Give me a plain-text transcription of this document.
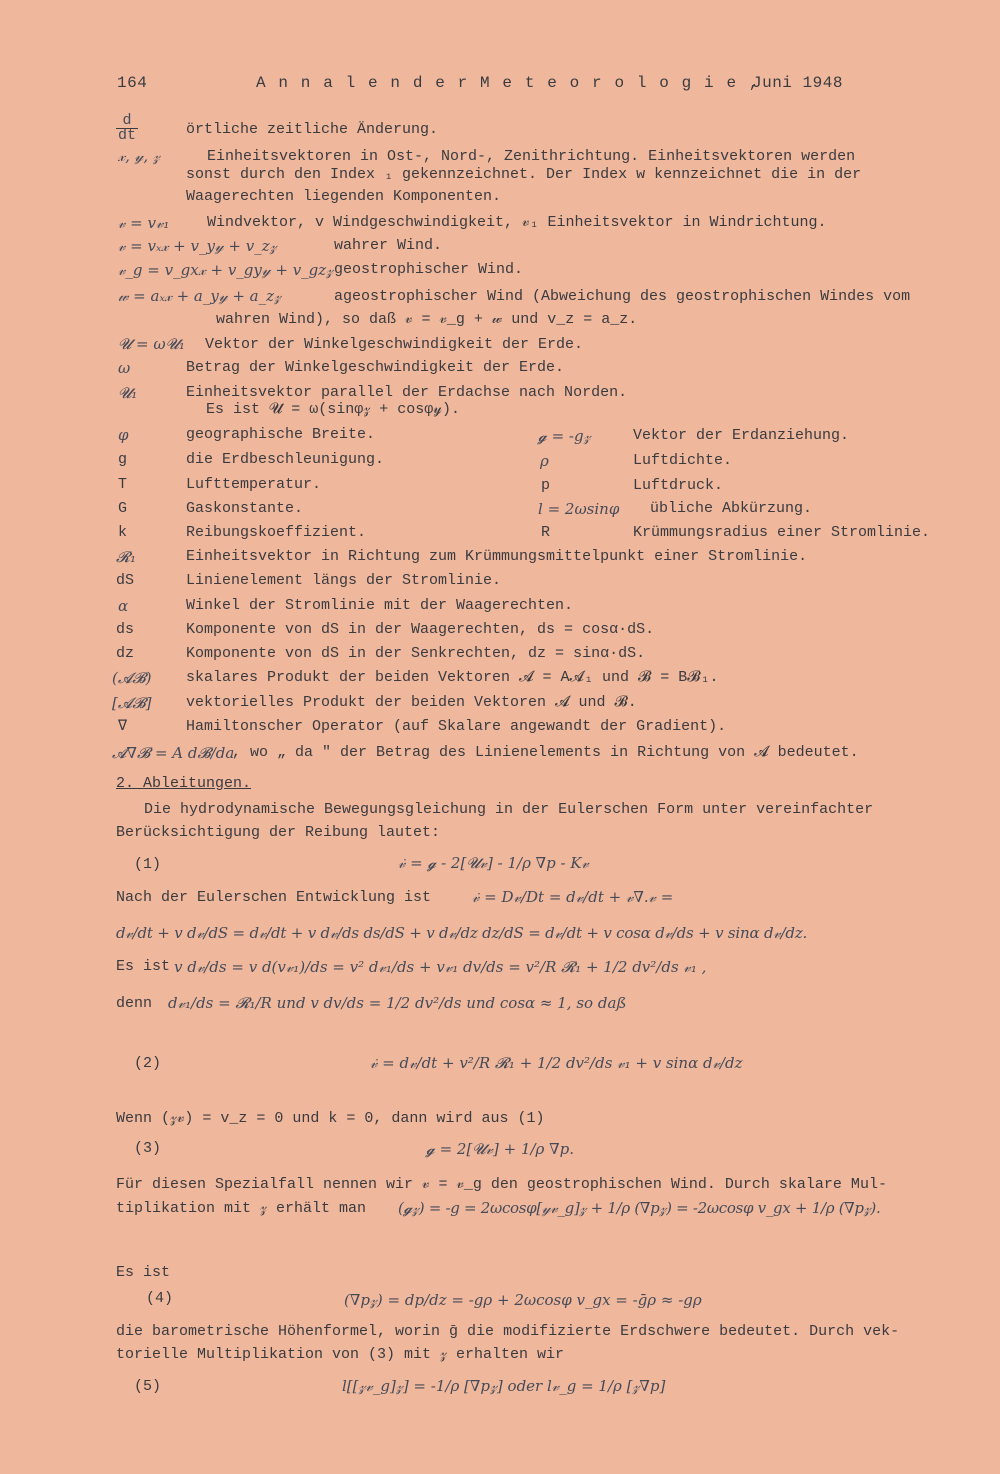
164	A n n a l e n d e r M e t e o r o l o g i e ,
Juni 1948
$\frac{d}{dt}$	örtliche zeitliche Änderung.
𝓍, 𝓎, 𝓏	Einheitsvektoren in Ost-, Nord-, Zenithrichtung. Einheitsvektoren werden
sonst durch den Index ₁ gekennzeichnet. Der Index w kennzeichnet die in der
Waagerechten liegenden Komponenten.
𝓋 = v𝓋₁	Windvektor, v Windgeschwindigkeit, 𝓋₁ Einheitsvektor in Windrichtung.
𝓋 = vₓ𝓍 + v_y𝓎 + v_z𝓏	wahrer Wind.
𝓋_g = v_gx𝓍 + v_gy𝓎 + v_gz𝓏 geostrophischer Wind.
𝓌 = aₓ𝓍 + a_y𝓎 + a_z𝓏	ageostrophischer Wind (Abweichung des geostrophischen Windes vom
wahren Wind), so daß 𝓋 = 𝓋_g + 𝓌 und v_z = a_z.
𝓤 = ω𝓤₁ Vektor der Winkelgeschwindigkeit der Erde.
ω	Betrag der Winkelgeschwindigkeit der Erde.
𝓤₁	Einheitsvektor parallel der Erdachse nach Norden.
Es ist 𝓤 = ω(sinφ𝓏 + cosφ𝓎).
φ	geographische Breite.	𝓰 = -g𝓏	Vektor der Erdanziehung.
g	die Erdbeschleunigung.	ρ	Luftdichte.
T	Lufttemperatur.	p	Luftdruck.
G	Gaskonstante.	l = 2ωsinφ übliche Abkürzung.
k	Reibungskoeffizient.	R	Krümmungsradius einer Stromlinie.
𝓡₁	Einheitsvektor in Richtung zum Krümmungsmittelpunkt einer Stromlinie.
dS	Linienelement längs der Stromlinie.
α	Winkel der Stromlinie mit der Waagerechten.
ds	Komponente von dS in der Waagerechten, ds = cosα·dS.
dz	Komponente von dS in der Senkrechten, dz = sinα·dS.
(𝓐𝓑) skalares Produkt der beiden Vektoren 𝓐 = A𝓐₁ und 𝓑 = B𝓑₁.
[𝓐𝓑] vektorielles Produkt der beiden Vektoren 𝓐 und 𝓑.
∇	Hamiltonscher Operator (auf Skalare angewandt der Gradient).
𝓐∇𝓑 = A d𝓑/da
, wo „ da " der Betrag des Linienelements in Richtung von 𝓐 bedeutet.
2. Ableitungen.
Die hydrodynamische Bewegungsgleichung in der Eulerschen Form unter vereinfachter
Berücksichtigung der Reibung lautet:
(1)	𝓋̇ = 𝓰 - 2[𝓤𝓋] - 1/ρ ∇p - K𝓋
Nach der Eulerschen Entwicklung ist	𝓋̇ = D𝓋/Dt = d𝓋/dt + 𝓋∇.𝓋 =
d𝓋/dt + v d𝓋/dS = d𝓋/dt + v d𝓋/ds ds/dS + v d𝓋/dz dz/dS = d𝓋/dt + v cosα d𝓋/ds + v sinα d𝓋/dz.
Es ist v d𝓋/ds = v d(v𝓋₁)/ds = v² d𝓋₁/ds + v𝓋₁ dv/ds = v²/R 𝓡₁ + 1/2 dv²/ds 𝓋₁ ,
denn d𝓋₁/ds = 𝓡₁/R und v dv/ds = 1/2 dv²/ds und cosα ≈ 1, so daß
(2)	𝓋̇ = d𝓋/dt + v²/R 𝓡₁ + 1/2 dv²/ds 𝓋₁ + v sinα d𝓋/dz
Wenn (𝓏𝓋) = v_z = 0 und k = 0, dann wird aus (1)
(3)	𝓰 = 2[𝓤𝓋] + 1/ρ ∇p.
Für diesen Spezialfall nennen wir 𝓋 = 𝓋_g den geostrophischen Wind. Durch skalare Mul-
tiplikation mit 𝓏 erhält man (𝓰𝓏) = -g = 2ωcosφ[𝓎𝓋_g]𝓏 + 1/ρ (∇p𝓏) = -2ωcosφ v_gx + 1/ρ (∇p𝓏).
Es ist
(4)	(∇p𝓏) = dp/dz = -gρ + 2ωcosφ v_gx = -ḡρ ≈ -gρ
die barometrische Höhenformel, worin ḡ die modifizierte Erdschwere bedeutet. Durch vek-
torielle Multiplikation von (3) mit 𝓏 erhalten wir
(5)	l[[𝓏𝓋_g]𝓏] = -1/ρ [∇p𝓏] oder l𝓋_g = 1/ρ [𝓏∇p]
